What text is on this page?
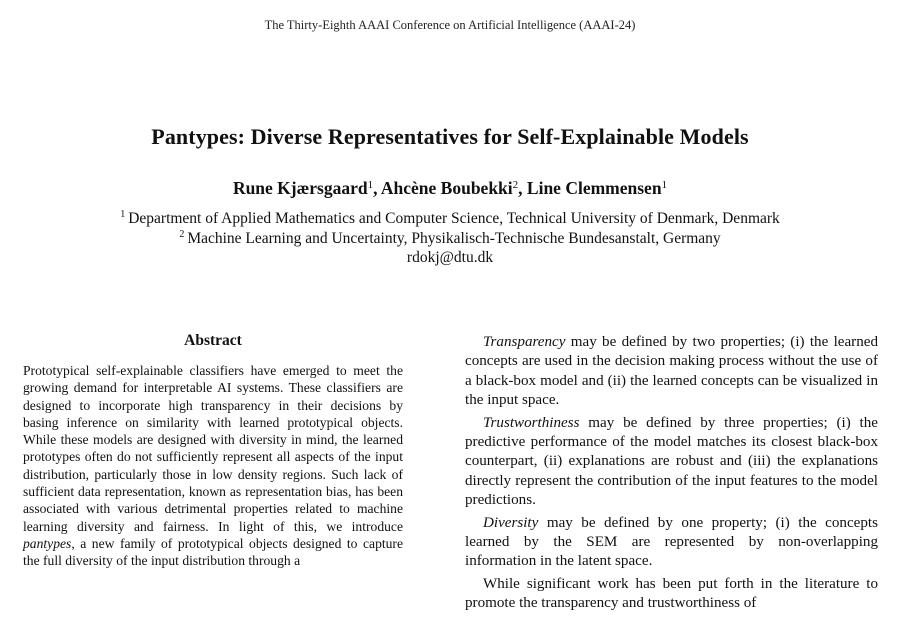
The Thirty-Eighth AAAI Conference on Artificial Intelligence (AAAI-24)
Pantypes: Diverse Representatives for Self-Explainable Models
Rune Kjærsgaard$^1$, Ahcène Boubekki$^2$, Line Clemmensen$^1$
$^1$ Department of Applied Mathematics and Computer Science, Technical University of Denmark, Denmark
$^2$ Machine Learning and Uncertainty, Physikalisch-Technische Bundesanstalt, Germany
rdokj@dtu.dk
Abstract

Prototypical self-explainable classifiers have emerged to meet the growing demand for interpretable AI systems. These classifiers are designed to incorporate high transparency in their decisions by basing inference on similarity with learned prototypical objects. While these models are designed with diversity in mind, the learned prototypes often do not sufficiently represent all aspects of the input distribution, particularly those in low density regions. Such lack of sufficient data representation, known as representation bias, has been associated with various detrimental properties related to machine learning diversity and fairness. In light of this, we introduce pantypes, a new family of prototypical objects designed to capture the full diversity of the input distribution through a

Transparency may be defined by two properties; (i) the learned concepts are used in the decision making process without the use of a black-box model and (ii) the learned concepts can be visualized in the input space.

Trustworthiness may be defined by three properties; (i) the predictive performance of the model matches its closest black-box counterpart, (ii) explanations are robust and (iii) the explanations directly represent the contribution of the input features to the model predictions.

Diversity may be defined by one property; (i) the concepts learned by the SEM are represented by non-overlapping information in the latent space.

While significant work has been put forth in the literature to promote the transparency and trustworthiness of
